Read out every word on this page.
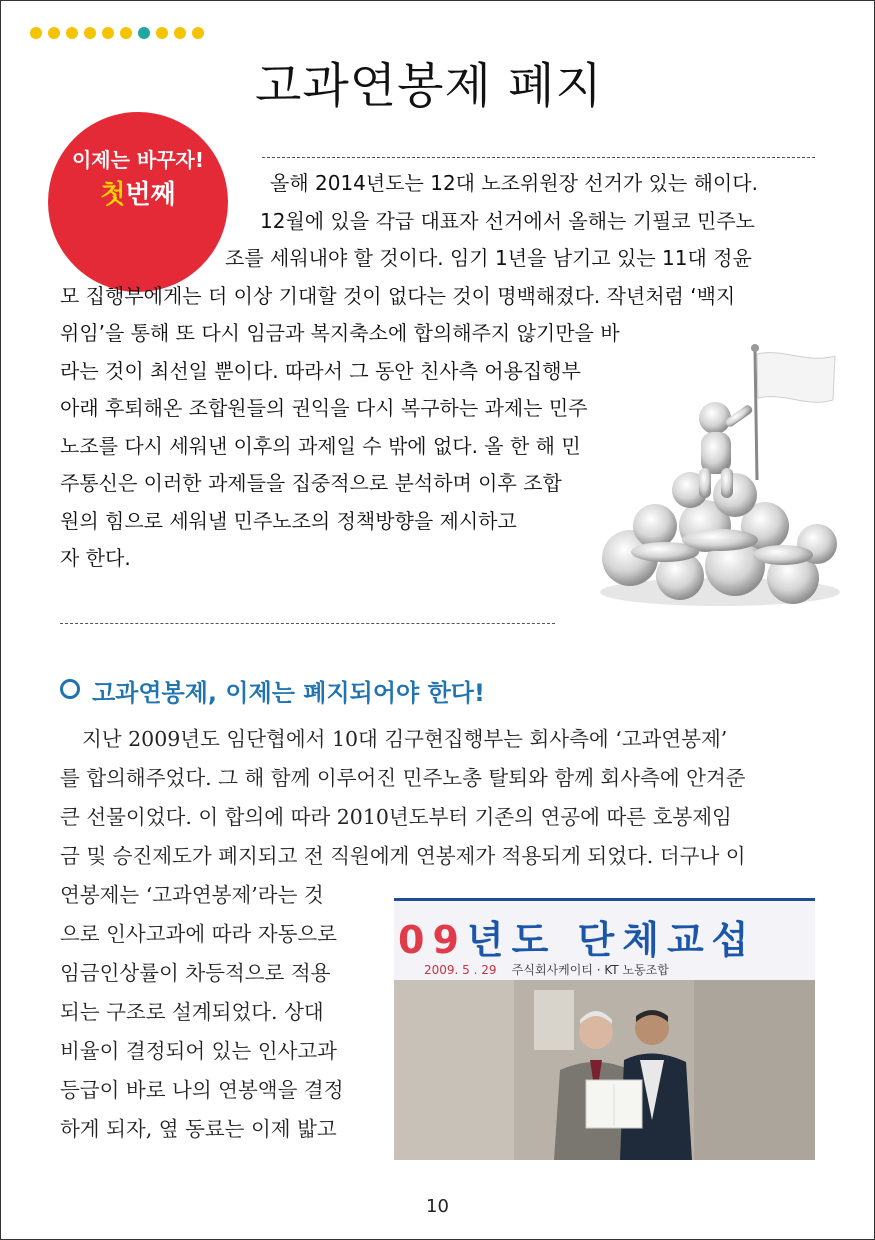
고과연봉제 폐지
이제는 바꾸자!
첫번째	올해 2014년도는 12대 노조위원장 선거가 있는 해이다.
12월에 있을 각급 대표자 선거에서 올해는 기필코 민주노
조를 세워내야 할 것이다. 임기 1년을 남기고 있는 11대 정윤
모 집행부에게는 더 이상 기대할 것이 없다는 것이 명백해졌다. 작년처럼 ‘백지
위임’을 통해 또 다시 임금과 복지축소에 합의해주지 않기만을 바
라는 것이 최선일 뿐이다. 따라서 그 동안 친사측 어용집행부
아래 후퇴해온 조합원들의 권익을 다시 복구하는 과제는 민주
노조를 다시 세워낸 이후의 과제일 수 밖에 없다. 올 한 해 민
주통신은 이러한 과제들을 집중적으로 분석하며 이후 조합
원의 힘으로 세워낼 민주노조의 정책방향을 제시하고
자 한다.
고과연봉제, 이제는 폐지되어야 한다!
지난 2009년도 임단협에서 10대 김구현집행부는 회사측에 ‘고과연봉제’
를 합의해주었다. 그 해 함께 이루어진 민주노총 탈퇴와 함께 회사측에 안겨준
큰 선물이었다. 이 합의에 따라 2010년도부터 기존의 연공에 따른 호봉제임
금 및 승진제도가 폐지되고 전 직원에게 연봉제가 적용되게 되었다. 더구나 이
연봉제는 ‘고과연봉제’라는 것
으로 인사고과에 따라 자동으로
임금인상률이 차등적으로 적용
되는 구조로 설계되었다. 상대
비율이 결정되어 있는 인사고과
등급이 바로 나의 연봉액을 결정
하게 되자, 옆 동료는 이제 밟고
09년도 단체교섭
2009. 5 . 29 주식회사케이티 · KT 노동조합
10
